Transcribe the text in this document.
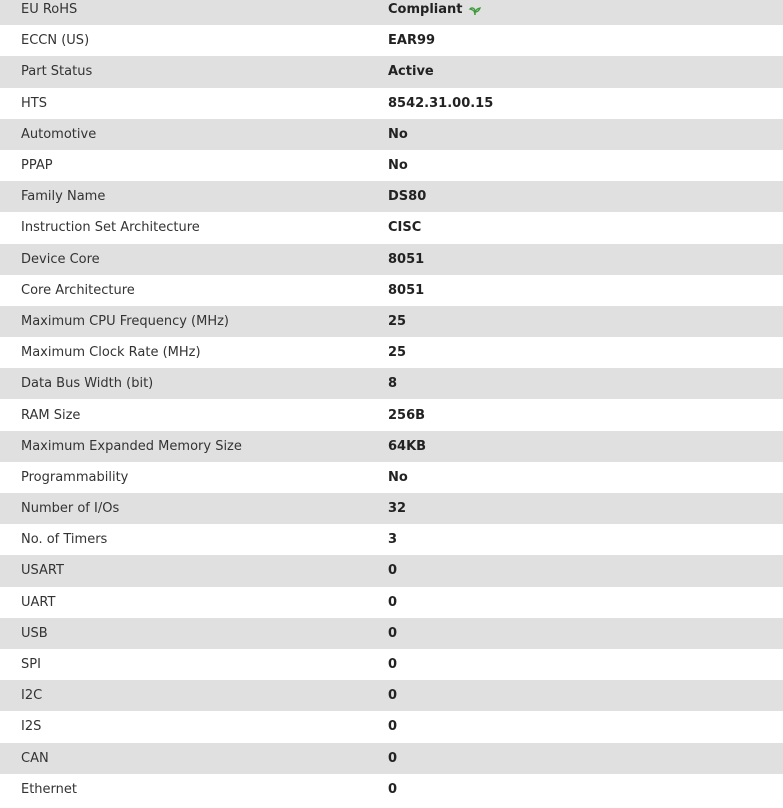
EU RoHS	Compliant
ECCN (US)	EAR99
Part Status	Active
HTS	8542.31.00.15
Automotive	No
PPAP	No
Family Name	DS80
Instruction Set Architecture	CISC
Device Core	8051
Core Architecture	8051
Maximum CPU Frequency (MHz)	25
Maximum Clock Rate (MHz)	25
Data Bus Width (bit)	8
RAM Size	256B
Maximum Expanded Memory Size	64KB
Programmability	No
Number of I/Os	32
No. of Timers	3
USART	0
UART	0
USB	0
SPI	0
I2C	0
I2S	0
CAN	0
Ethernet	0
